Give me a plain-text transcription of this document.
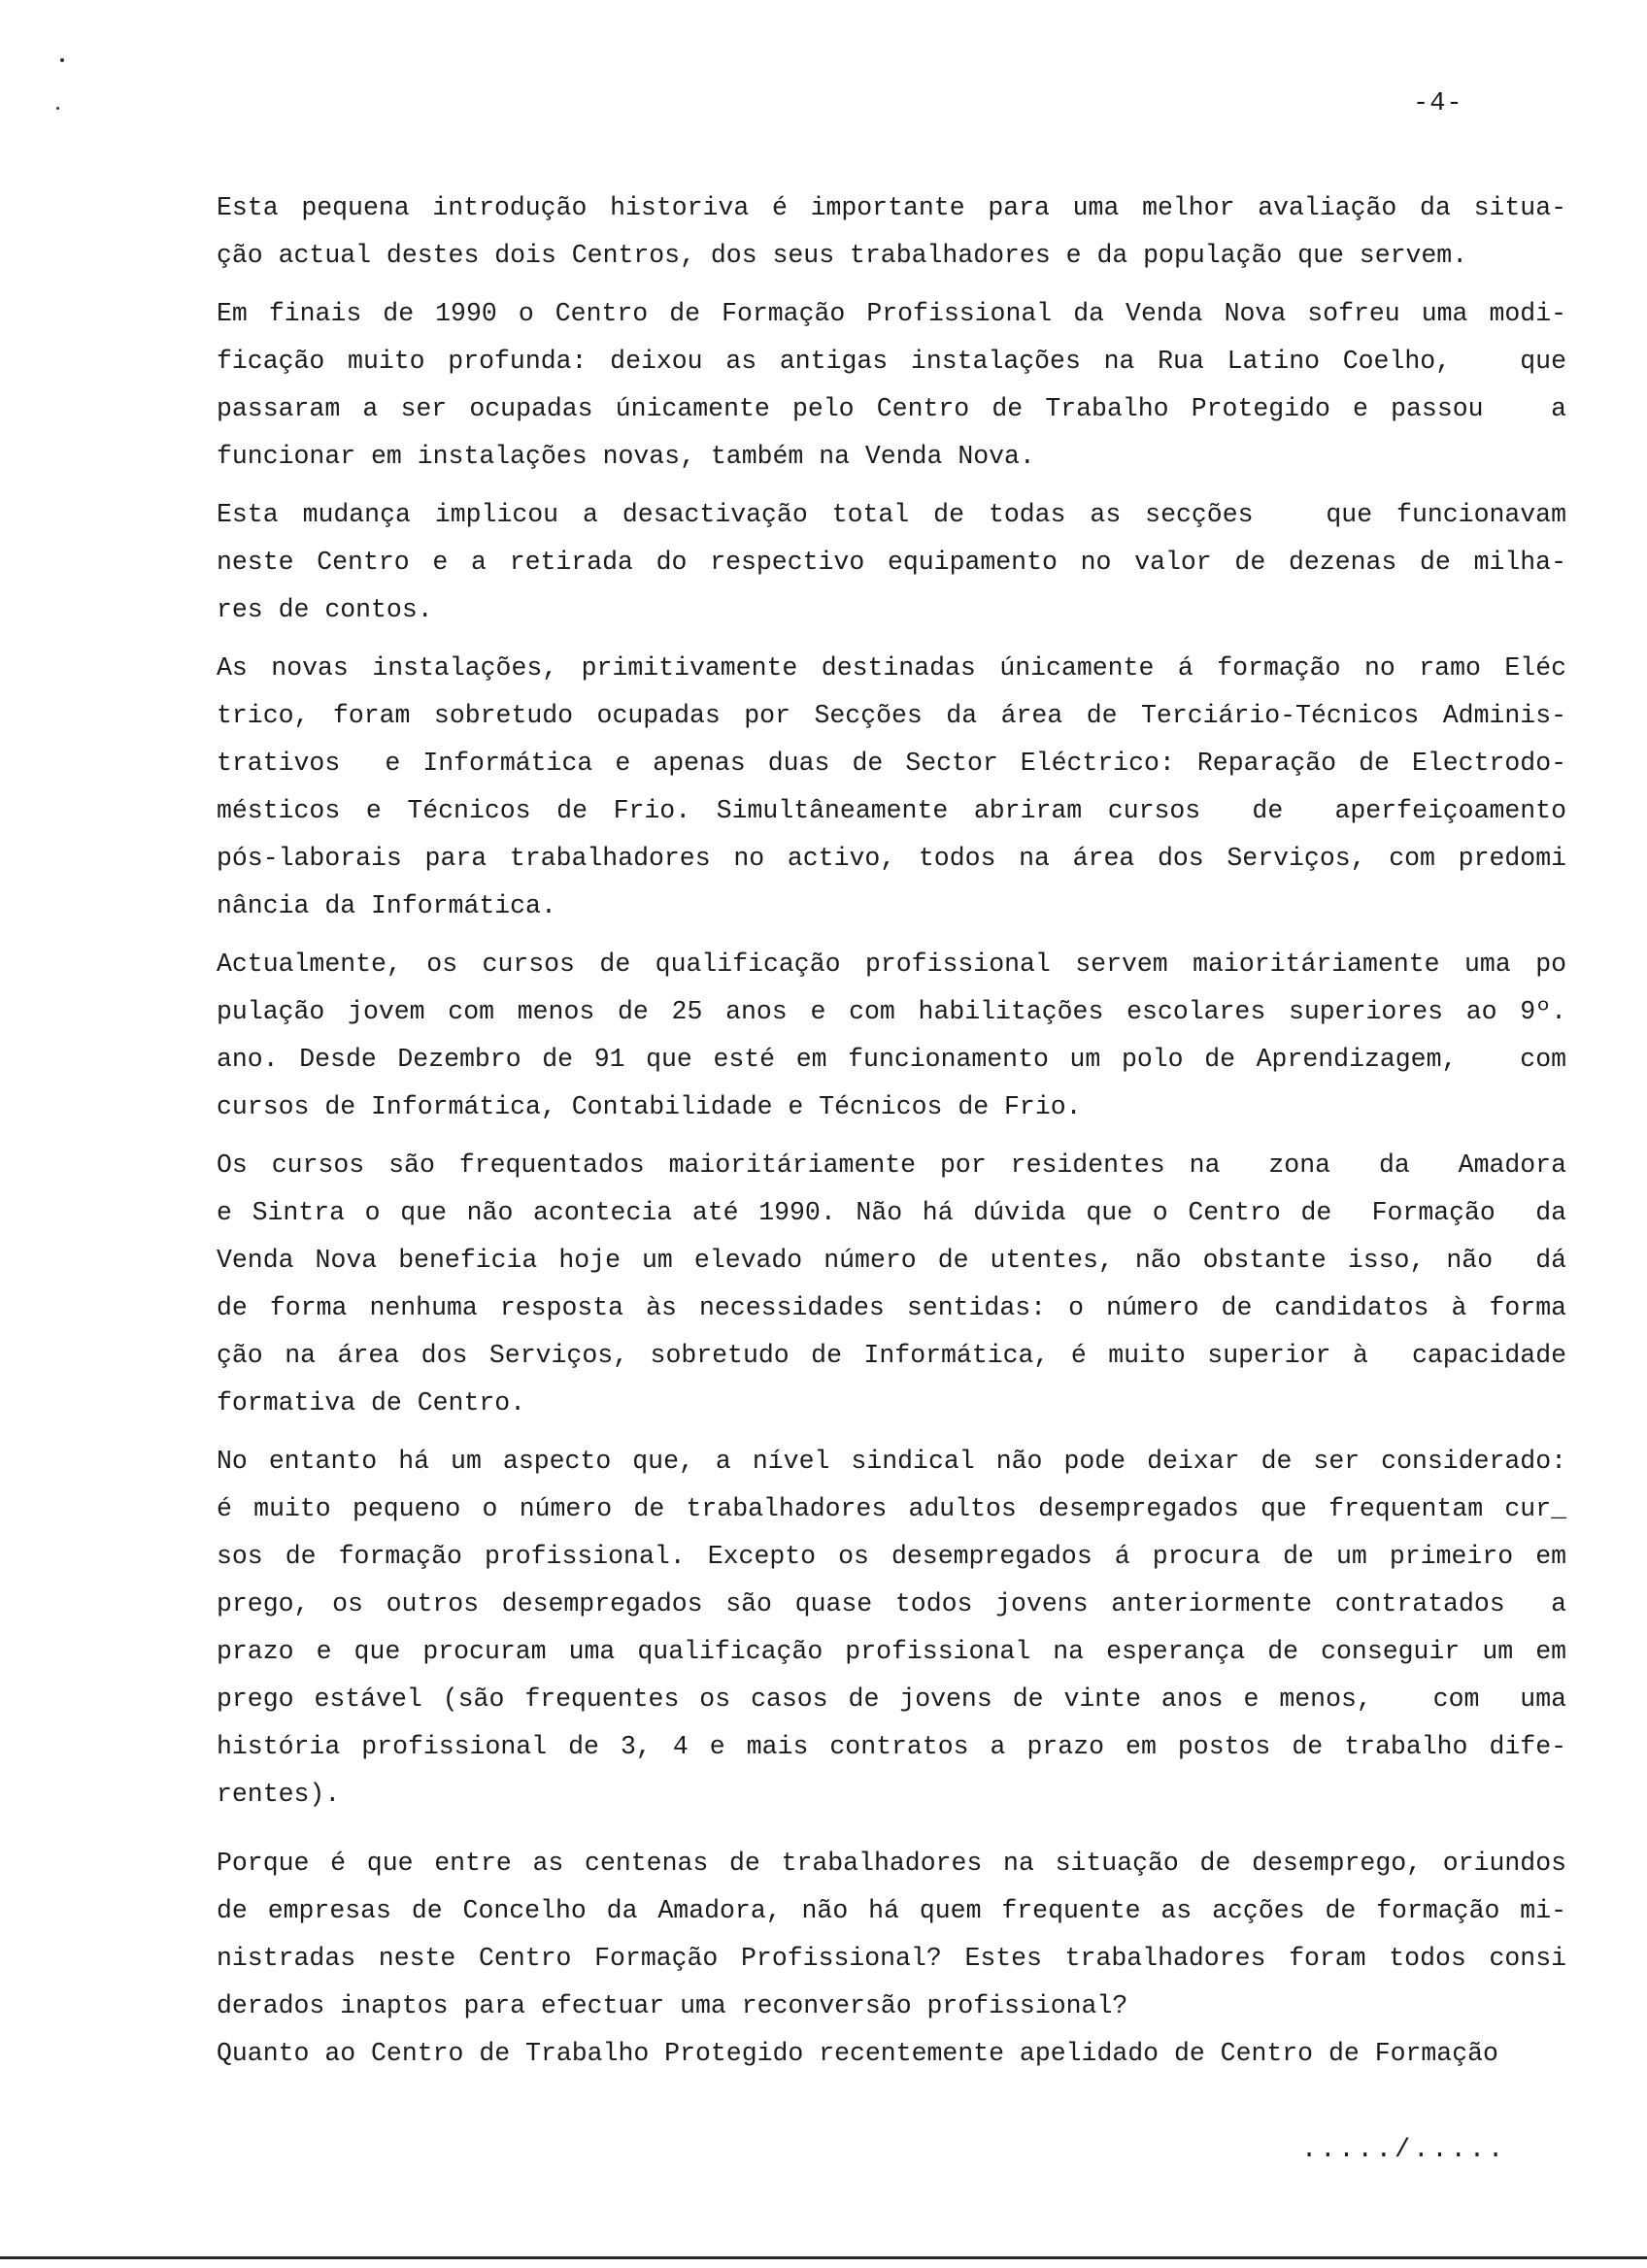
-4-
Esta pequena introdução historiva é importante para uma melhor avaliação da situa-
ção actual destes dois Centros, dos seus trabalhadores e da população que servem.
Em finais de 1990 o Centro de Formação Profissional da Venda Nova sofreu uma modi-
ficação muito profunda: deixou as antigas instalações na Rua Latino Coelho,   que
passaram a ser ocupadas únicamente pelo Centro de Trabalho Protegido e passou   a
funcionar em instalações novas, também na Venda Nova.
Esta mudança implicou a desactivação total de todas as secções   que funcionavam
neste Centro e a retirada do respectivo equipamento no valor de dezenas de milha-
res de contos.
As novas instalações, primitivamente destinadas únicamente á formação no ramo Eléc
trico, foram sobretudo ocupadas por Secções da área de Terciário-Técnicos Adminis-
trativos  e Informática e apenas duas de Sector Eléctrico: Reparação de Electrodo-
mésticos e Técnicos de Frio. Simultâneamente abriram cursos  de  aperfeiçoamento
pós-laborais para trabalhadores no activo, todos na área dos Serviços, com predomi
nância da Informática.
Actualmente, os cursos de qualificação profissional servem maioritáriamente uma po
pulação jovem com menos de 25 anos e com habilitações escolares superiores ao 9º.
ano. Desde Dezembro de 91 que esté em funcionamento um polo de Aprendizagem,   com
cursos de Informática, Contabilidade e Técnicos de Frio.
Os cursos são frequentados maioritáriamente por residentes na  zona  da  Amadora
e Sintra o que não acontecia até 1990. Não há dúvida que o Centro de  Formação  da
Venda Nova beneficia hoje um elevado número de utentes, não obstante isso, não  dá
de forma nenhuma resposta às necessidades sentidas: o número de candidatos à forma
ção na área dos Serviços, sobretudo de Informática, é muito superior à  capacidade
formativa de Centro.
No entanto há um aspecto que, a nível sindical não pode deixar de ser considerado:
é muito pequeno o número de trabalhadores adultos desempregados que frequentam cur_
sos de formação profissional. Excepto os desempregados á procura de um primeiro em
prego, os outros desempregados são quase todos jovens anteriormente contratados  a
prazo e que procuram uma qualificação profissional na esperança de conseguir um em
prego estável (são frequentes os casos de jovens de vinte anos e menos,   com  uma
história profissional de 3, 4 e mais contratos a prazo em postos de trabalho dife-
rentes).
Porque é que entre as centenas de trabalhadores na situação de desemprego, oriundos
de empresas de Concelho da Amadora, não há quem frequente as acções de formação mi-
nistradas neste Centro Formação Profissional? Estes trabalhadores foram todos consi
derados inaptos para efectuar uma reconversão profissional?
Quanto ao Centro de Trabalho Protegido recentemente apelidado de Centro de Formação
...../.....
